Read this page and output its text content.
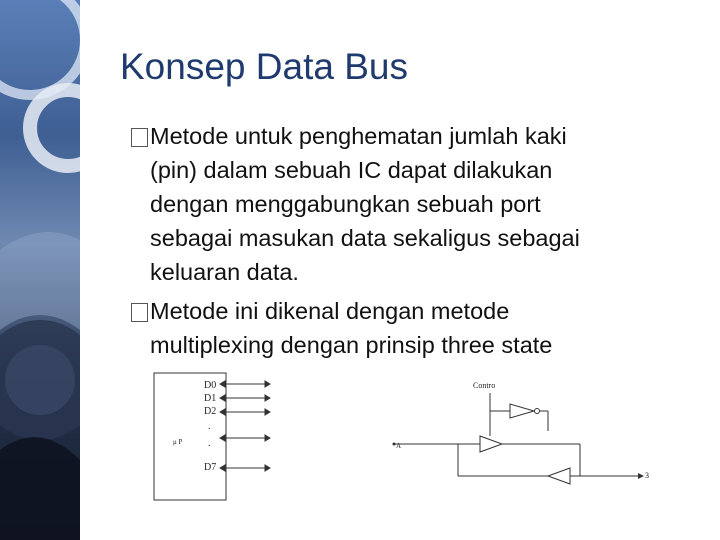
Konsep Data Bus
Metode untuk penghematan jumlah kaki
(pin) dalam sebuah IC dapat dilakukan
dengan menggabungkan sebuah port
sebagai masukan data sekaligus sebagai
keluaran data.
Metode ini dikenal dengan metode
multiplexing dengan prinsip three state
μ P
D0
D1
D2
.
.
D7
Contro
A
3
